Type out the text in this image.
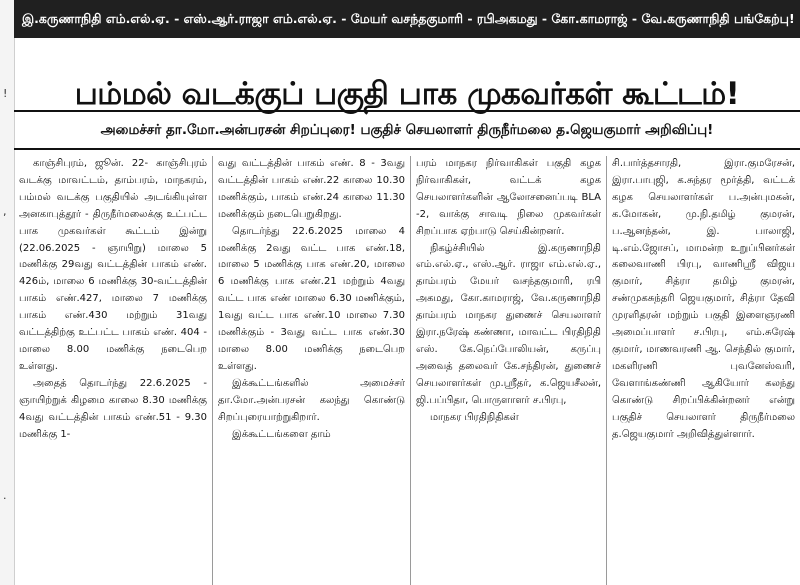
!
,
.
இ.கருணாநிதி எம்.எல்.ஏ. - எஸ்.ஆர்.ராஜா எம்.எல்.ஏ. - மேயர் வசந்தகுமாரி - ரபிஅகமது - கோ.காமராஜ் - வே.கருணாநிதி பங்கேற்பு!
பம்மல் வடக்குப் பகுதி பாக முகவர்கள் கூட்டம்!
அமைச்சர் தா.மோ.அன்பரசன் சிறப்புரை! பகுதிச் செயலாளர் திருநீர்மலை த.ஜெயகுமார் அறிவிப்பு!

காஞ்சிபுரம், ஜூன். 22- காஞ்சிபுரம் வடக்கு மாவட்டம், தாம்பரம், மாநகரம், பம்மல் வடக்கு பகுதியில் அடங்கியுள்ள அனகாபுத்தூர் - திருநீர்மலைக்கு உட்பட்ட பாக முகவர்கள் கூட்டம் இன்று (22.06.2025 - ஞாயிறு) மாலை 5 மணிக்கு 29வது வட்டத்தின் பாகம் எண். 426ம், மாலை 6 மணிக்கு 30-வட்டத்தின் பாகம் எண்.427, மாலை 7 மணிக்கு பாகம் எண்.430 மற்றும் 31வது வட்டத்திற்கு உட்பட்ட பாகம் எண். 404 - மாலை 8.00 மணிக்கு நடைபெற உள்ளது.

அதைத் தொடர்ந்து 22.6.2025 - ஞாயிற்றுக் கிழமை காலை 8.30 மணிக்கு 4வது வட்டத்தின் பாகம் எண்.51 - 9.30 மணிக்கு 1-

வது வட்டத்தின் பாகம் எண். 8 - 3வது வட்டத்தின் பாகம் எண்.22 காலை 10.30 மணிக்கும், பாகம் எண்.24 காலை 11.30 மணிக்கும் நடைபெறுகிறது.

தொடர்ந்து 22.6.2025 மாலை 4 மணிக்கு 2வது வட்ட பாக எண்.18, மாலை 5 மணிக்கு பாக எண்.20, மாலை 6 மணிக்கு பாக எண்.21 மற்றும் 4வது வட்ட பாக எண் மாலை 6.30 மணிக்கும், 1வது வட்ட பாக எண்.10 மாலை 7.30 மணிக்கும் - 3வது வட்ட பாக எண்.30 மாலை 8.00 மணிக்கு நடைபெற உள்ளது.

இக்கூட்டங்களில் அமைச்சர் தா.மோ.அன்பரசன் கலந்து கொண்டு சிறப்புரையாற்றுகிறார்.

இக்கூட்டங்களை தாம்

பரம் மாநகர நிர்வாகிகள் பகுதி கழக நிர்வாகிகள், வட்டக் கழக செயலாளர்களின் ஆலோசனைப்படி BLA -2, வாக்கு சாவடி நிலை முகவர்கள் சிறப்பாக ஏற்பாடு செய்கின்றனர்.

நிகழ்ச்சியில் இ.கருணாநிதி எம்.எல்.ஏ., எஸ்.ஆர். ராஜா எம்.எல்.ஏ., தாம்பரம் மேயர் வசந்தகுமாரி, ரபி அகமது, கோ.காமராஜ், வே.கருணாநிதி தாம்பரம் மாநகர துணைச் செயலாளர் இரா.நரேஷ் கண்ணா, மாவட்ட பிரதிநிதி எஸ். கே.நெப்போலியன், கருப்பு அவைத் தலைவர் கே.சந்திரன், துணைச் செயலாளர்கள் மு.ஸ்ரீதர், க.ஜெயசீலன், ஜி.பப்பிதா, பொருளாளர் ச.பிரபு,

மாநகர பிரதிநிதிகள்

சி.பார்த்தசாரதி, இரா.குமரேசன், இரா.பாபுஜி, க.சுந்தர மூர்த்தி, வட்டக் கழக செயலாளர்கள் ப.அன்புமகன், க.மோகன், மு.நி.தமிழ் குமரன், ப.ஆனந்தன், இ. பாலாஜி, டி.எம்.ஜோசப், மாமன்ற உறுப்பினர்கள் கலைவாணி பிரபு, வாணிஸ்ரீ விஜய குமார், சித்ரா தமிழ் குமரன், சண்முகசுந்தரி ஜெயகுமார், சித்ரா தேவி முரளிதரன் மற்றும் பகுதி இளைஞரணி அமைப்பாளர் ச.பிரபு, எம்.சுரேஷ் குமார், மாணவரணி ஆ. செந்தில் குமார், மகளிரணி புவனேஸ்வரி, வேளாங்கண்ணி ஆகியோர் கலந்து கொண்டு சிறப்பிக்கின்றனர் என்று பகுதிச் செயலாளர் திருநீர்மலை த.ஜெயகுமார் அறிவித்துள்ளார்.
